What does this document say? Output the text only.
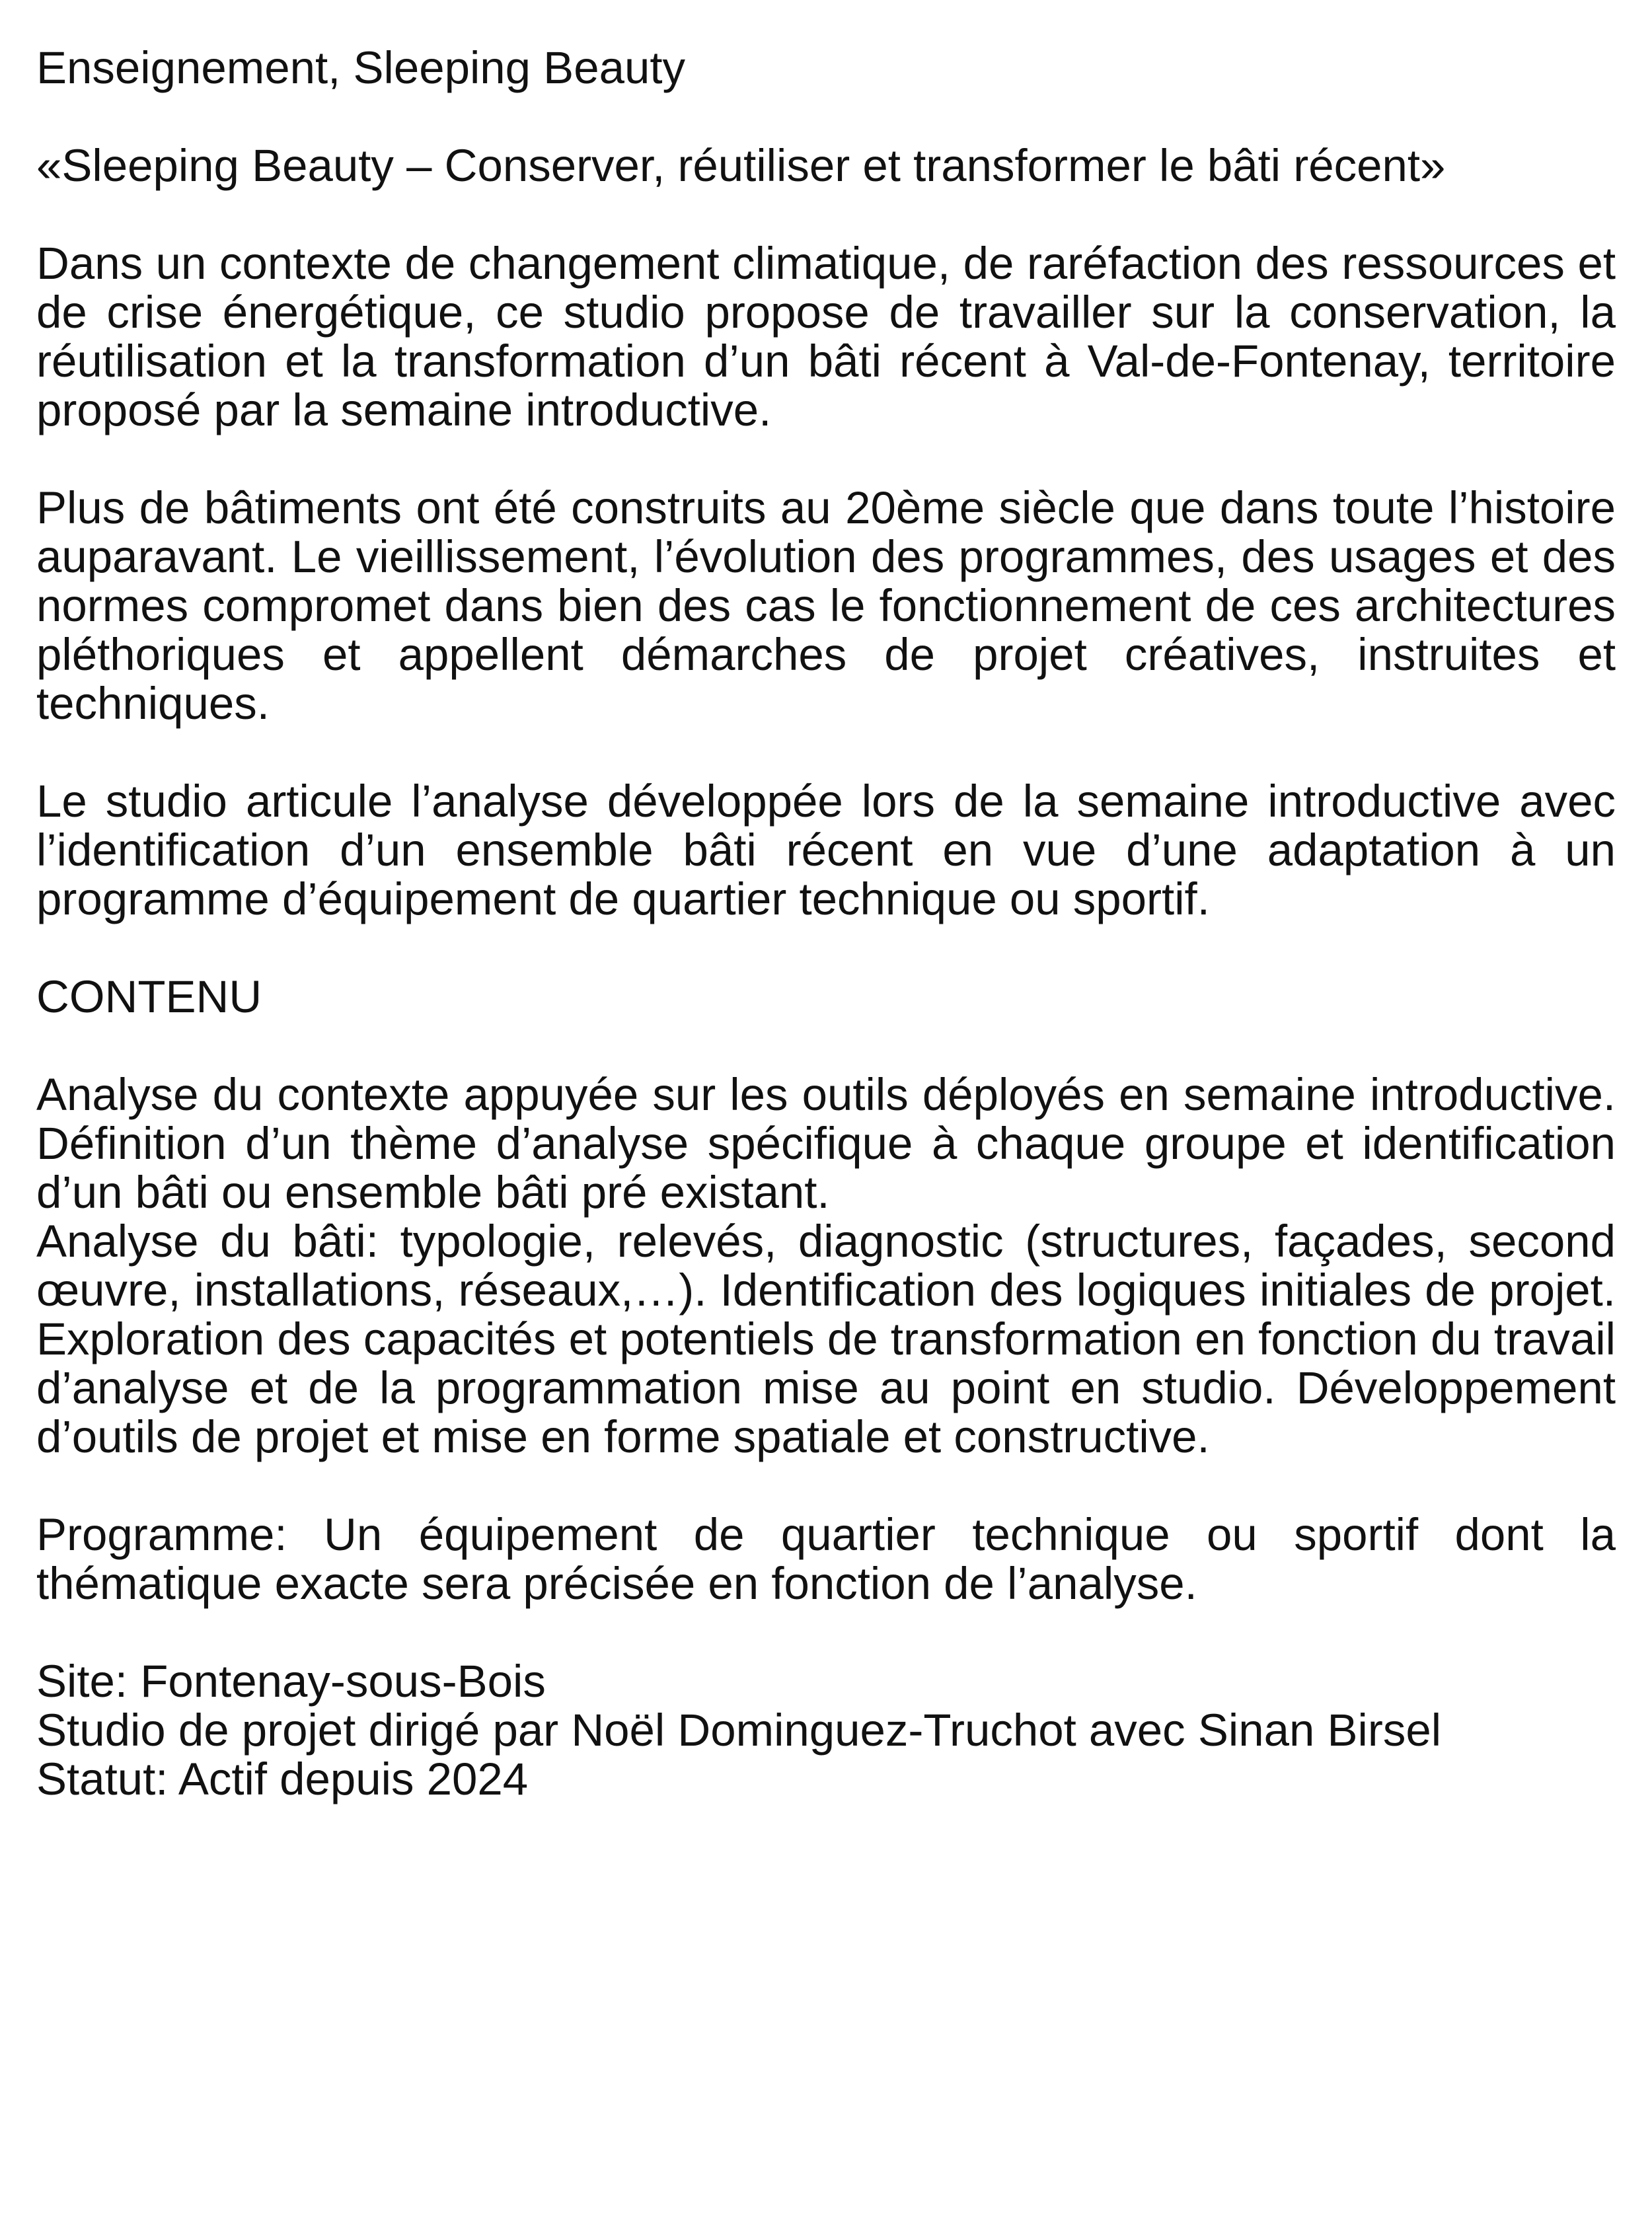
Enseignement, Sleeping Beauty

«Sleeping Beauty – Conserver, réutiliser et transformer le bâti récent»

Dans un contexte de changement climatique, de raréfaction des ressources et de crise énergétique, ce studio propose de travailler sur la conservation, la réutilisation et la transformation d’un bâti récent à Val-de-Fontenay, territoire proposé par la semaine introductive.

Plus de bâtiments ont été construits au 20ème siècle que dans toute l’histoire auparavant. Le vieillissement, l’évolution des programmes, des usages et des normes compromet dans bien des cas le fonctionnement de ces architectures pléthoriques et appellent démarches de projet créatives, instruites et techniques.

Le studio articule l’analyse développée lors de la semaine introductive avec l’identification d’un ensemble bâti récent en vue d’une adaptation à un programme d’équipement de quartier technique ou sportif.

CONTENU

Analyse du contexte appuyée sur les outils déployés en semaine introductive. Définition d’un thème d’analyse spécifique à chaque groupe et identification d’un bâti ou ensemble bâti pré existant.

Analyse du bâti: typologie, relevés, diagnostic (structures, façades, second œuvre, installations, réseaux,…). Identification des logiques initiales de projet. Exploration des capacités et potentiels de transformation en fonction du travail d’analyse et de la programmation mise au point en studio. Développement d’outils de projet et mise en forme spatiale et constructive.

Programme: Un équipement de quartier technique ou sportif dont la thématique exacte sera précisée en fonction de l’analyse.

Site: Fontenay-sous-Bois

Studio de projet dirigé par Noël Dominguez-Truchot avec Sinan Birsel

Statut: Actif depuis 2024
